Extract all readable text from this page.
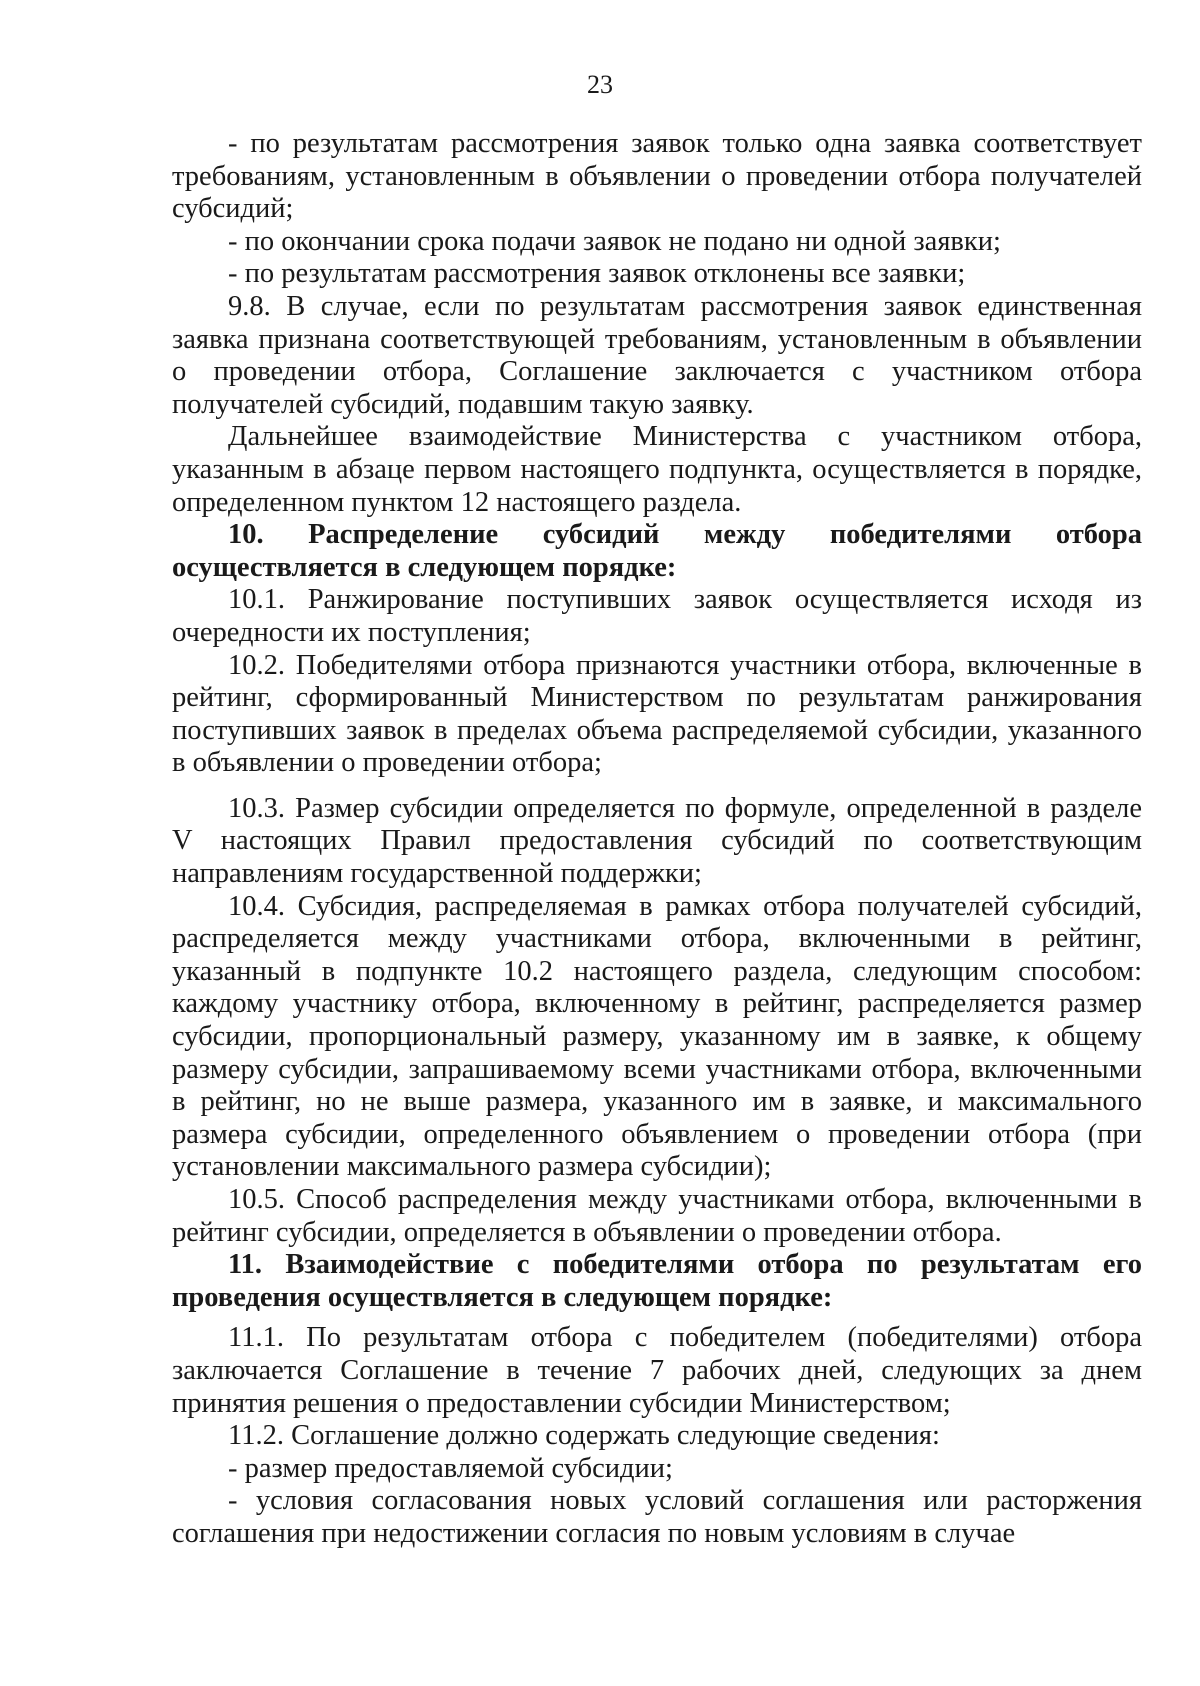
23

- по результатам рассмотрения заявок только одна заявка соответствует требованиям, установленным в объявлении о проведении отбора получателей субсидий;

- по окончании срока подачи заявок не подано ни одной заявки;

- по результатам рассмотрения заявок отклонены все заявки;

9.8. В случае, если по результатам рассмотрения заявок единственная заявка признана соответствующей требованиям, установленным в объявлении о проведении отбора, Соглашение заключается с участником отбора получателей субсидий, подавшим такую заявку.

Дальнейшее взаимодействие Министерства с участником отбора, указанным в абзаце первом настоящего подпункта, осуществляется в порядке, определенном пунктом 12 настоящего раздела.

10. Распределение субсидий между победителями отбора осуществляется в следующем порядке:

10.1. Ранжирование поступивших заявок осуществляется исходя из очередности их поступления;

10.2. Победителями отбора признаются участники отбора, включенные в рейтинг, сформированный Министерством по результатам ранжирования поступивших заявок в пределах объема распределяемой субсидии, указанного в объявлении о проведении отбора;

10.3. Размер субсидии определяется по формуле, определенной в разделе V настоящих Правил предоставления субсидий по соответствующим направлениям государственной поддержки;

10.4. Субсидия, распределяемая в рамках отбора получателей субсидий, распределяется между участниками отбора, включенными в рейтинг, указанный в подпункте 10.2 настоящего раздела, следующим способом: каждому участнику отбора, включенному в рейтинг, распределяется размер субсидии, пропорциональный размеру, указанному им в заявке, к общему размеру субсидии, запрашиваемому всеми участниками отбора, включенными в рейтинг, но не выше размера, указанного им в заявке, и максимального размера субсидии, определенного объявлением о проведении отбора (при установлении максимального размера субсидии);

10.5. Способ распределения между участниками отбора, включенными в рейтинг субсидии, определяется в объявлении о проведении отбора.

11. Взаимодействие с победителями отбора по результатам его проведения осуществляется в следующем порядке:

11.1. По результатам отбора с победителем (победителями) отбора заключается Соглашение в течение 7 рабочих дней, следующих за днем принятия решения о предоставлении субсидии Министерством;

11.2. Соглашение должно содержать следующие сведения:

- размер предоставляемой субсидии;

- условия согласования новых условий соглашения или расторжения соглашения при недостижении согласия по новым условиям в случае
